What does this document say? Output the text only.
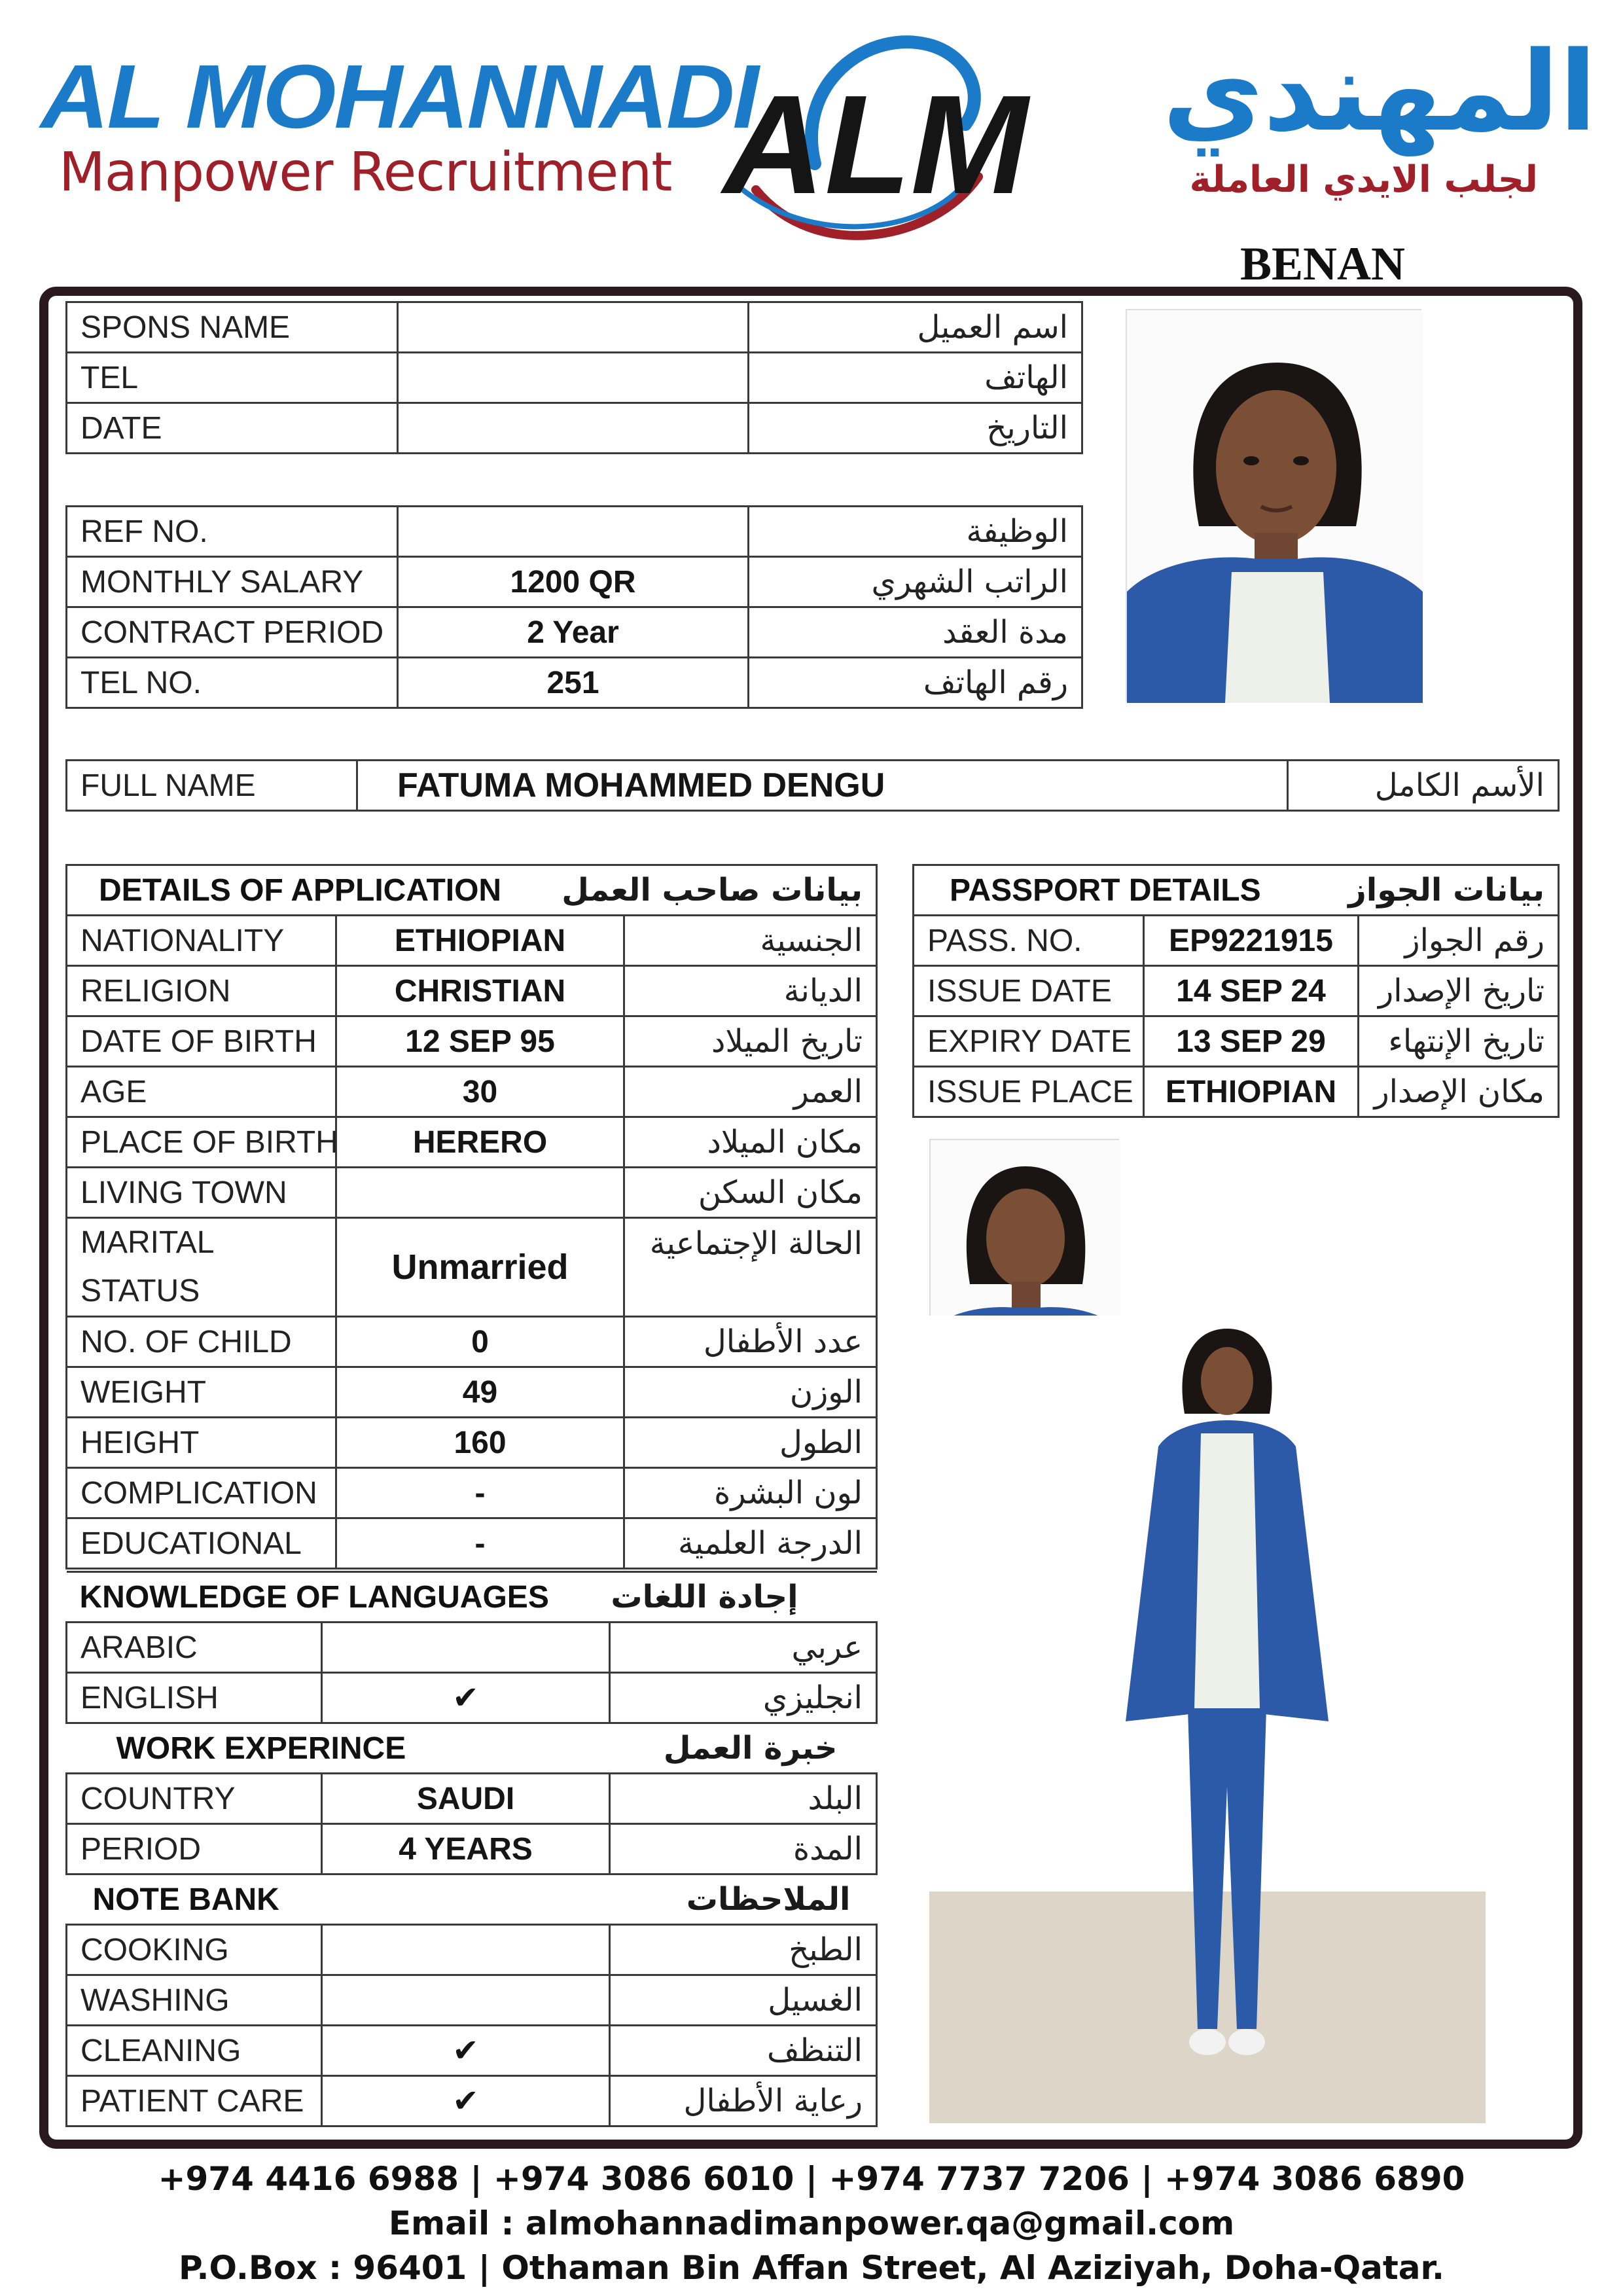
AL MOHANNADI
Manpower Recruitment ALM	المهندي
لجلب الايدي العاملة
BENAN
SPONS NAME		اسم العميل
TEL		الهاتف
DATE		التاريخ
REF NO.		الوظيفة
MONTHLY SALARY	1200 QR	الراتب الشهري
CONTRACT PERIOD	2 Year	مدة العقد
TEL NO.	251	رقم الهاتف
FULL NAME	FATUMA MOHAMMED DENGU	الأسم الكامل
DETAILS OF APPLICATION		بيانات صاحب العمل
NATIONALITY	ETHIOPIAN	الجنسية
RELIGION	CHRISTIAN	الديانة
DATE OF BIRTH	12 SEP 95	تاريخ الميلاد
AGE	30	العمر
PLACE OF BIRTH	HERERO	مكان الميلاد
LIVING TOWN		مكان السكن

MARITAL
STATUS	Unmarried	الحالة الإجتماعية
NO. OF CHILD	0	عدد الأطفال
WEIGHT	49	الوزن
HEIGHT	160	الطول
COMPLICATION	-	لون البشرة
EDUCATIONAL	-	الدرجة العلمية
KNOWLEDGE OF LANGUAGES		إجادة اللغات
ARABIC		عربي
ENGLISH	✔	انجليزي
WORK EXPERINCE		خبرة العمل
COUNTRY	SAUDI	البلد
PERIOD	4 YEARS	المدة
NOTE BANK		الملاحظات
COOKING		الطبخ
WASHING		الغسيل
CLEANING	✔	التنظف
PATIENT CARE	✔	رعاية الأطفال
PASSPORT DETAILS		بيانات الجواز
PASS. NO.	EP9221915	رقم الجواز
ISSUE DATE	14 SEP 24	تاريخ الإصدار
EXPIRY DATE	13 SEP 29	تاريخ الإنتهاء
ISSUE PLACE	ETHIOPIAN	مكان الإصدار
+974 4416 6988 | +974 3086 6010 | +974 7737 7206 | +974 3086 6890
Email : almohannadimanpower.qa@gmail.com
P.O.Box : 96401 | Othaman Bin Affan Street, Al Aziziyah, Doha-Qatar.
